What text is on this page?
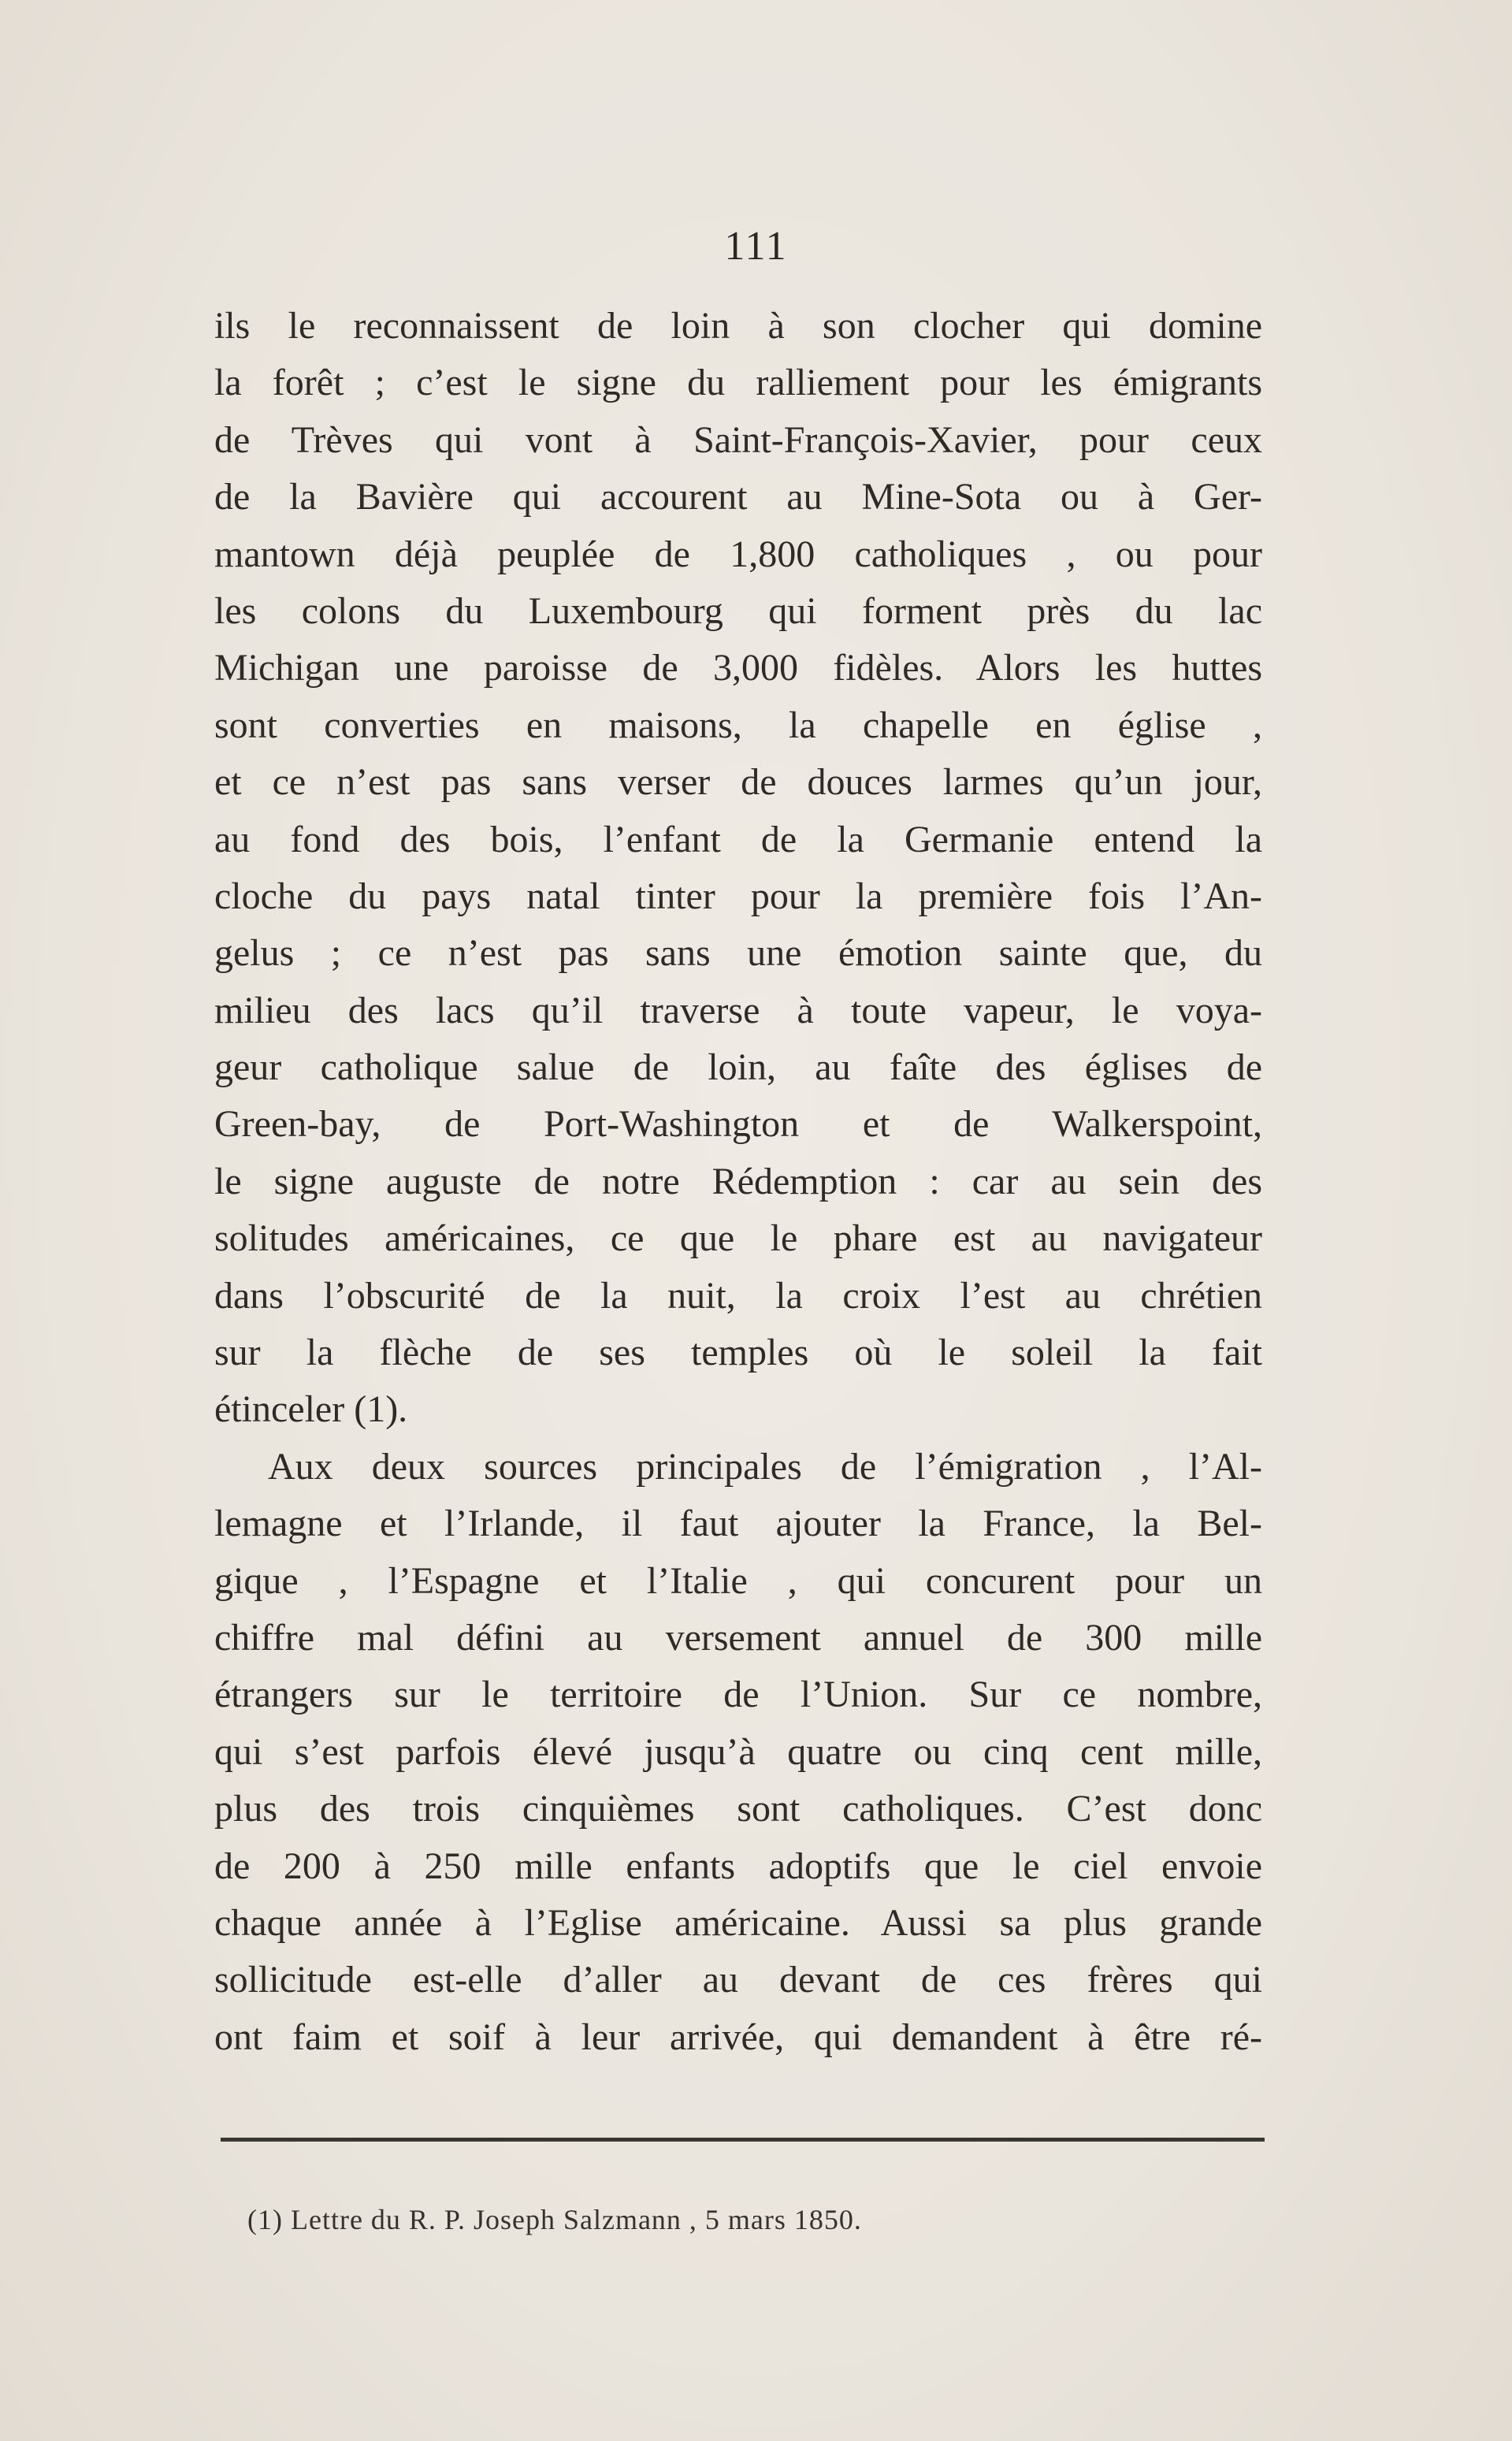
111
ils le reconnaissent de loin à son clocher qui domine
la forêt ; c’est le signe du ralliement pour les émigrants
de Trèves qui vont à Saint-François-Xavier, pour ceux
de la Bavière qui accourent au Mine-Sota ou à Ger-
mantown déjà peuplée de 1,800 catholiques , ou pour
les colons du Luxembourg qui forment près du lac
Michigan une paroisse de 3,000 fidèles. Alors les huttes
sont converties en maisons, la chapelle en église ,
et ce n’est pas sans verser de douces larmes qu’un jour,
au fond des bois, l’enfant de la Germanie entend la
cloche du pays natal tinter pour la première fois l’An-
gelus ; ce n’est pas sans une émotion sainte que, du
milieu des lacs qu’il traverse à toute vapeur, le voya-
geur catholique salue de loin, au faîte des églises de
Green-bay, de Port-Washington et de Walkerspoint,
le signe auguste de notre Rédemption : car au sein des
solitudes américaines, ce que le phare est au navigateur
dans l’obscurité de la nuit, la croix l’est au chrétien
sur la flèche de ses temples où le soleil la fait
étinceler (1).
Aux deux sources principales de l’émigration , l’Al-
lemagne et l’Irlande, il faut ajouter la France, la Bel-
gique , l’Espagne et l’Italie , qui concurent pour un
chiffre mal défini au versement annuel de 300 mille
étrangers sur le territoire de l’Union. Sur ce nombre,
qui s’est parfois élevé jusqu’à quatre ou cinq cent mille,
plus des trois cinquièmes sont catholiques. C’est donc
de 200 à 250 mille enfants adoptifs que le ciel envoie
chaque année à l’Eglise américaine. Aussi sa plus grande
sollicitude est-elle d’aller au devant de ces frères qui
ont faim et soif à leur arrivée, qui demandent à être ré-
(1) Lettre du R. P. Joseph Salzmann , 5 mars 1850.
